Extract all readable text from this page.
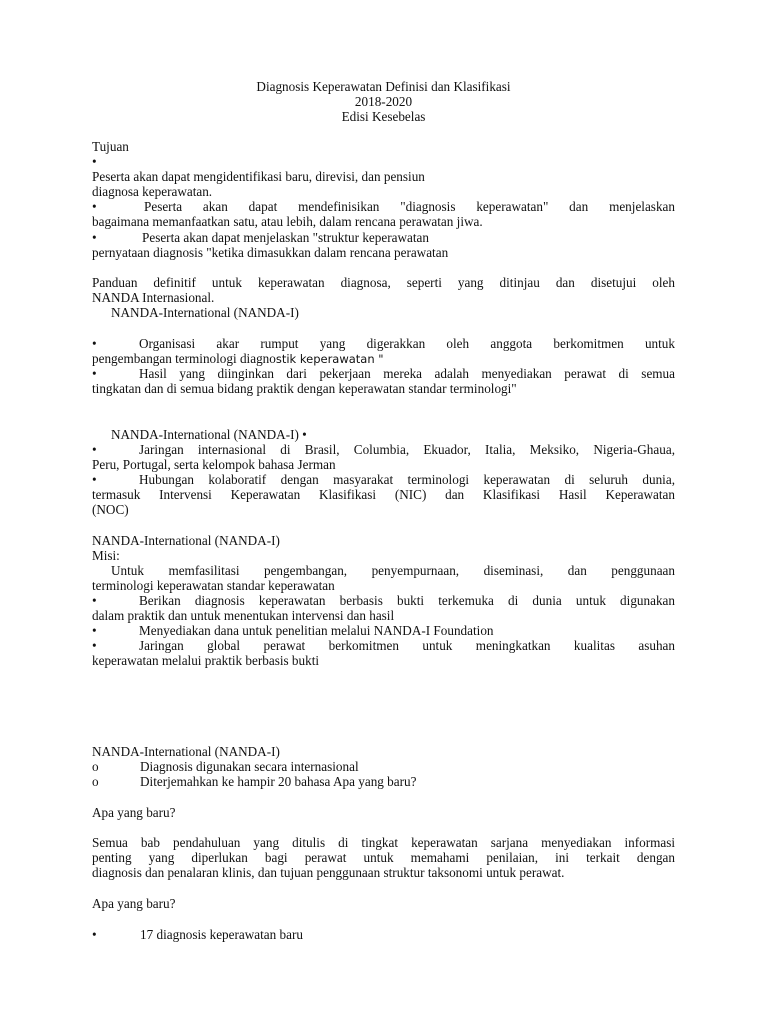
Diagnosis Keperawatan Definisi dan Klasifikasi
2018-2020
Edisi Kesebelas
Tujuan
•
Peserta akan dapat mengidentifikasi baru, direvisi, dan pensiun
diagnosa keperawatan.
•	Peserta akan dapat mendefinisikan "diagnosis keperawatan" dan menjelaskan
bagaimana memanfaatkan satu, atau lebih, dalam rencana perawatan jiwa.
•	Peserta akan dapat menjelaskan "struktur keperawatan
pernyataan diagnosis "ketika dimasukkan dalam rencana perawatan
Panduan definitif untuk keperawatan diagnosa, seperti yang ditinjau dan disetujui oleh
NANDA Internasional.
NANDA-International (NANDA-I)
•	Organisasi akar rumput yang digerakkan oleh anggota berkomitmen untuk
pengembangan terminologi diagnostik keperawatan "
•	Hasil yang diinginkan dari pekerjaan mereka adalah menyediakan perawat di semua
tingkatan dan di semua bidang praktik dengan keperawatan standar terminologi"
NANDA-International (NANDA-I) •
•	Jaringan internasional di Brasil, Columbia, Ekuador, Italia, Meksiko, Nigeria-Ghaua,
Peru, Portugal, serta kelompok bahasa Jerman
•	Hubungan kolaboratif dengan masyarakat terminologi keperawatan di seluruh dunia,
termasuk Intervensi Keperawatan Klasifikasi (NIC) dan Klasifikasi Hasil Keperawatan
(NOC)
NANDA-International (NANDA-I)
Misi:
Untuk memfasilitasi pengembangan, penyempurnaan, diseminasi, dan penggunaan
terminologi keperawatan standar keperawatan
•	Berikan diagnosis keperawatan berbasis bukti terkemuka di dunia untuk digunakan
dalam praktik dan untuk menentukan intervensi dan hasil
•	Menyediakan dana untuk penelitian melalui NANDA-I Foundation
•	Jaringan global perawat berkomitmen untuk meningkatkan kualitas asuhan
keperawatan melalui praktik berbasis bukti
NANDA-International (NANDA-I)
o	Diagnosis digunakan secara internasional
o	Diterjemahkan ke hampir 20 bahasa Apa yang baru?
Apa yang baru?
Semua bab pendahuluan yang ditulis di tingkat keperawatan sarjana menyediakan informasi
penting yang diperlukan bagi perawat untuk memahami penilaian, ini terkait dengan
diagnosis dan penalaran klinis, dan tujuan penggunaan struktur taksonomi untuk perawat.
Apa yang baru?
•	17 diagnosis keperawatan baru
